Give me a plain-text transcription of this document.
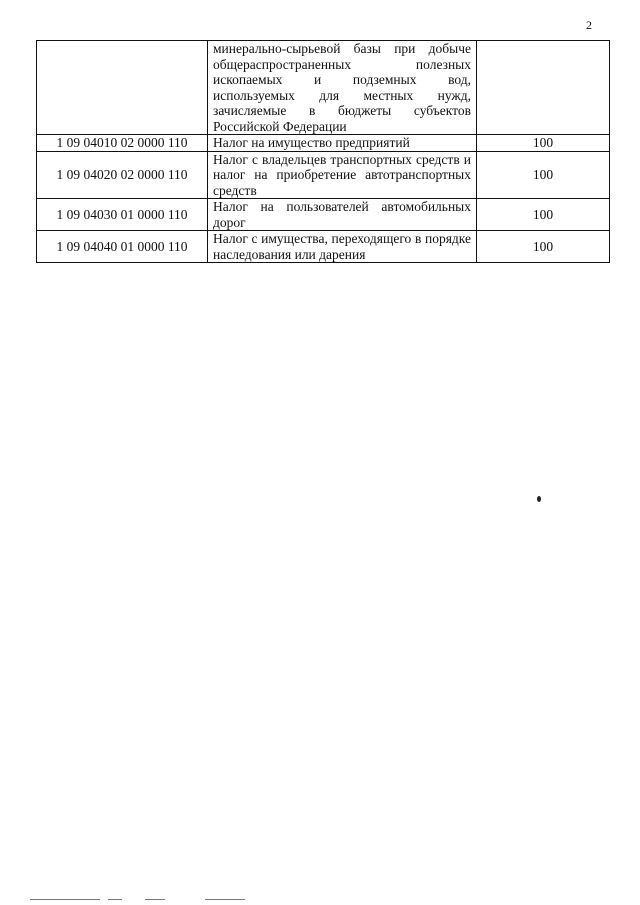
2
	минерально-сырьевой базы при добыче общераспространенных полезных ископаемых и подземных вод, используемых для местных нужд, зачисляемые в бюджеты субъектов Российской Федерации	
1 09 04010 02 0000 110	Налог на имущество предприятий	100
1 09 04020 02 0000 110	Налог с владельцев транспортных средств и налог на приобретение автотранспортных средств	100
1 09 04030 01 0000 110	Налог на пользователей автомобильных дорог	100
1 09 04040 01 0000 110	Налог с имущества, переходящего в порядке наследования или дарения	100
